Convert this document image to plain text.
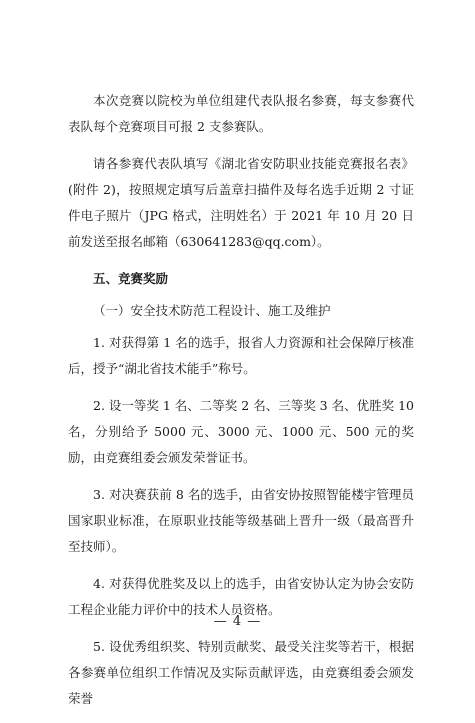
本次竞赛以院校为单位组建代表队报名参赛，每支参赛代表队每个竞赛项目可报 2 支参赛队。

请各参赛代表队填写《湖北省安防职业技能竞赛报名表》(附件 2)，按照规定填写后盖章扫描件及每名选手近期 2 寸证件电子照片（JPG 格式，注明姓名）于 2021 年 10 月 20 日前发送至报名邮箱（630641283@qq.com）。

五、竞赛奖励

（一）安全技术防范工程设计、施工及维护

1. 对获得第 1 名的选手，报省人力资源和社会保障厅核准后，授予“湖北省技术能手”称号。

2. 设一等奖 1 名、二等奖 2 名、三等奖 3 名、优胜奖 10 名，分别给予 5000 元、3000 元、1000 元、500 元的奖励，由竞赛组委会颁发荣誉证书。

3. 对决赛获前 8 名的选手，由省安协按照智能楼宇管理员国家职业标准，在原职业技能等级基础上晋升一级（最高晋升至技师）。

4. 对获得优胜奖及以上的选手，由省安协认定为协会安防工程企业能力评价中的技术人员资格。

5. 设优秀组织奖、特别贡献奖、最受关注奖等若干，根据各参赛单位组织工作情况及实际贡献评选，由竞赛组委会颁发荣誉

— 4 —
